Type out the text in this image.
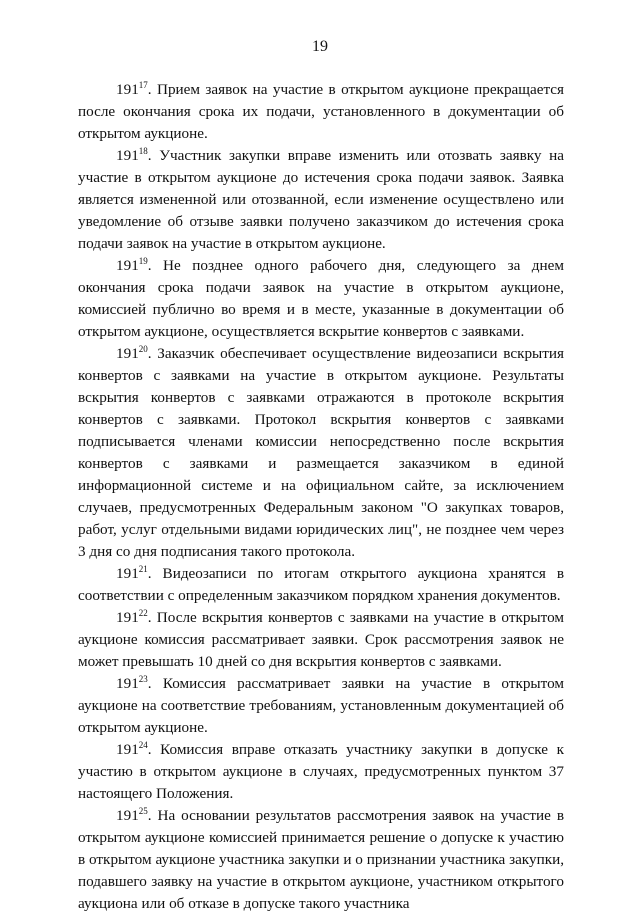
19

$191^{17}$. Прием заявок на участие в открытом аукционе прекращается после окончания срока их подачи, установленного в документации об открытом аукционе.

$191^{18}$. Участник закупки вправе изменить или отозвать заявку на участие в открытом аукционе до истечения срока подачи заявок. Заявка является измененной или отозванной, если изменение осуществлено или уведомление об отзыве заявки получено заказчиком до истечения срока подачи заявок на участие в открытом аукционе.

$191^{19}$. Не позднее одного рабочего дня, следующего за днем окончания срока подачи заявок на участие в открытом аукционе, комиссией публично во время и в месте, указанные в документации об открытом аукционе, осуществляется вскрытие конвертов с заявками.

$191^{20}$. Заказчик обеспечивает осуществление видеозаписи вскрытия конвертов с заявками на участие в открытом аукционе. Результаты вскрытия конвертов с заявками отражаются в протоколе вскрытия конвертов с заявками. Протокол вскрытия конвертов с заявками подписывается членами комиссии непосредственно после вскрытия конвертов с заявками и размещается заказчиком в единой информационной системе и на официальном сайте, за исключением случаев, предусмотренных Федеральным законом "О закупках товаров, работ, услуг отдельными видами юридических лиц", не позднее чем через 3 дня со дня подписания такого протокола.

$191^{21}$. Видеозаписи по итогам открытого аукциона хранятся в соответствии с определенным заказчиком порядком хранения документов.

$191^{22}$. После вскрытия конвертов с заявками на участие в открытом аукционе комиссия рассматривает заявки. Срок рассмотрения заявок не может превышать 10 дней со дня вскрытия конвертов с заявками.

$191^{23}$. Комиссия рассматривает заявки на участие в открытом аукционе на соответствие требованиям, установленным документацией об открытом аукционе.

$191^{24}$. Комиссия вправе отказать участнику закупки в допуске к участию в открытом аукционе в случаях, предусмотренных пунктом 37 настоящего Положения.

$191^{25}$. На основании результатов рассмотрения заявок на участие в открытом аукционе комиссией принимается решение о допуске к участию в открытом аукционе участника закупки и о признании участника закупки, подавшего заявку на участие в открытом аукционе, участником открытого аукциона или об отказе в допуске такого участника
